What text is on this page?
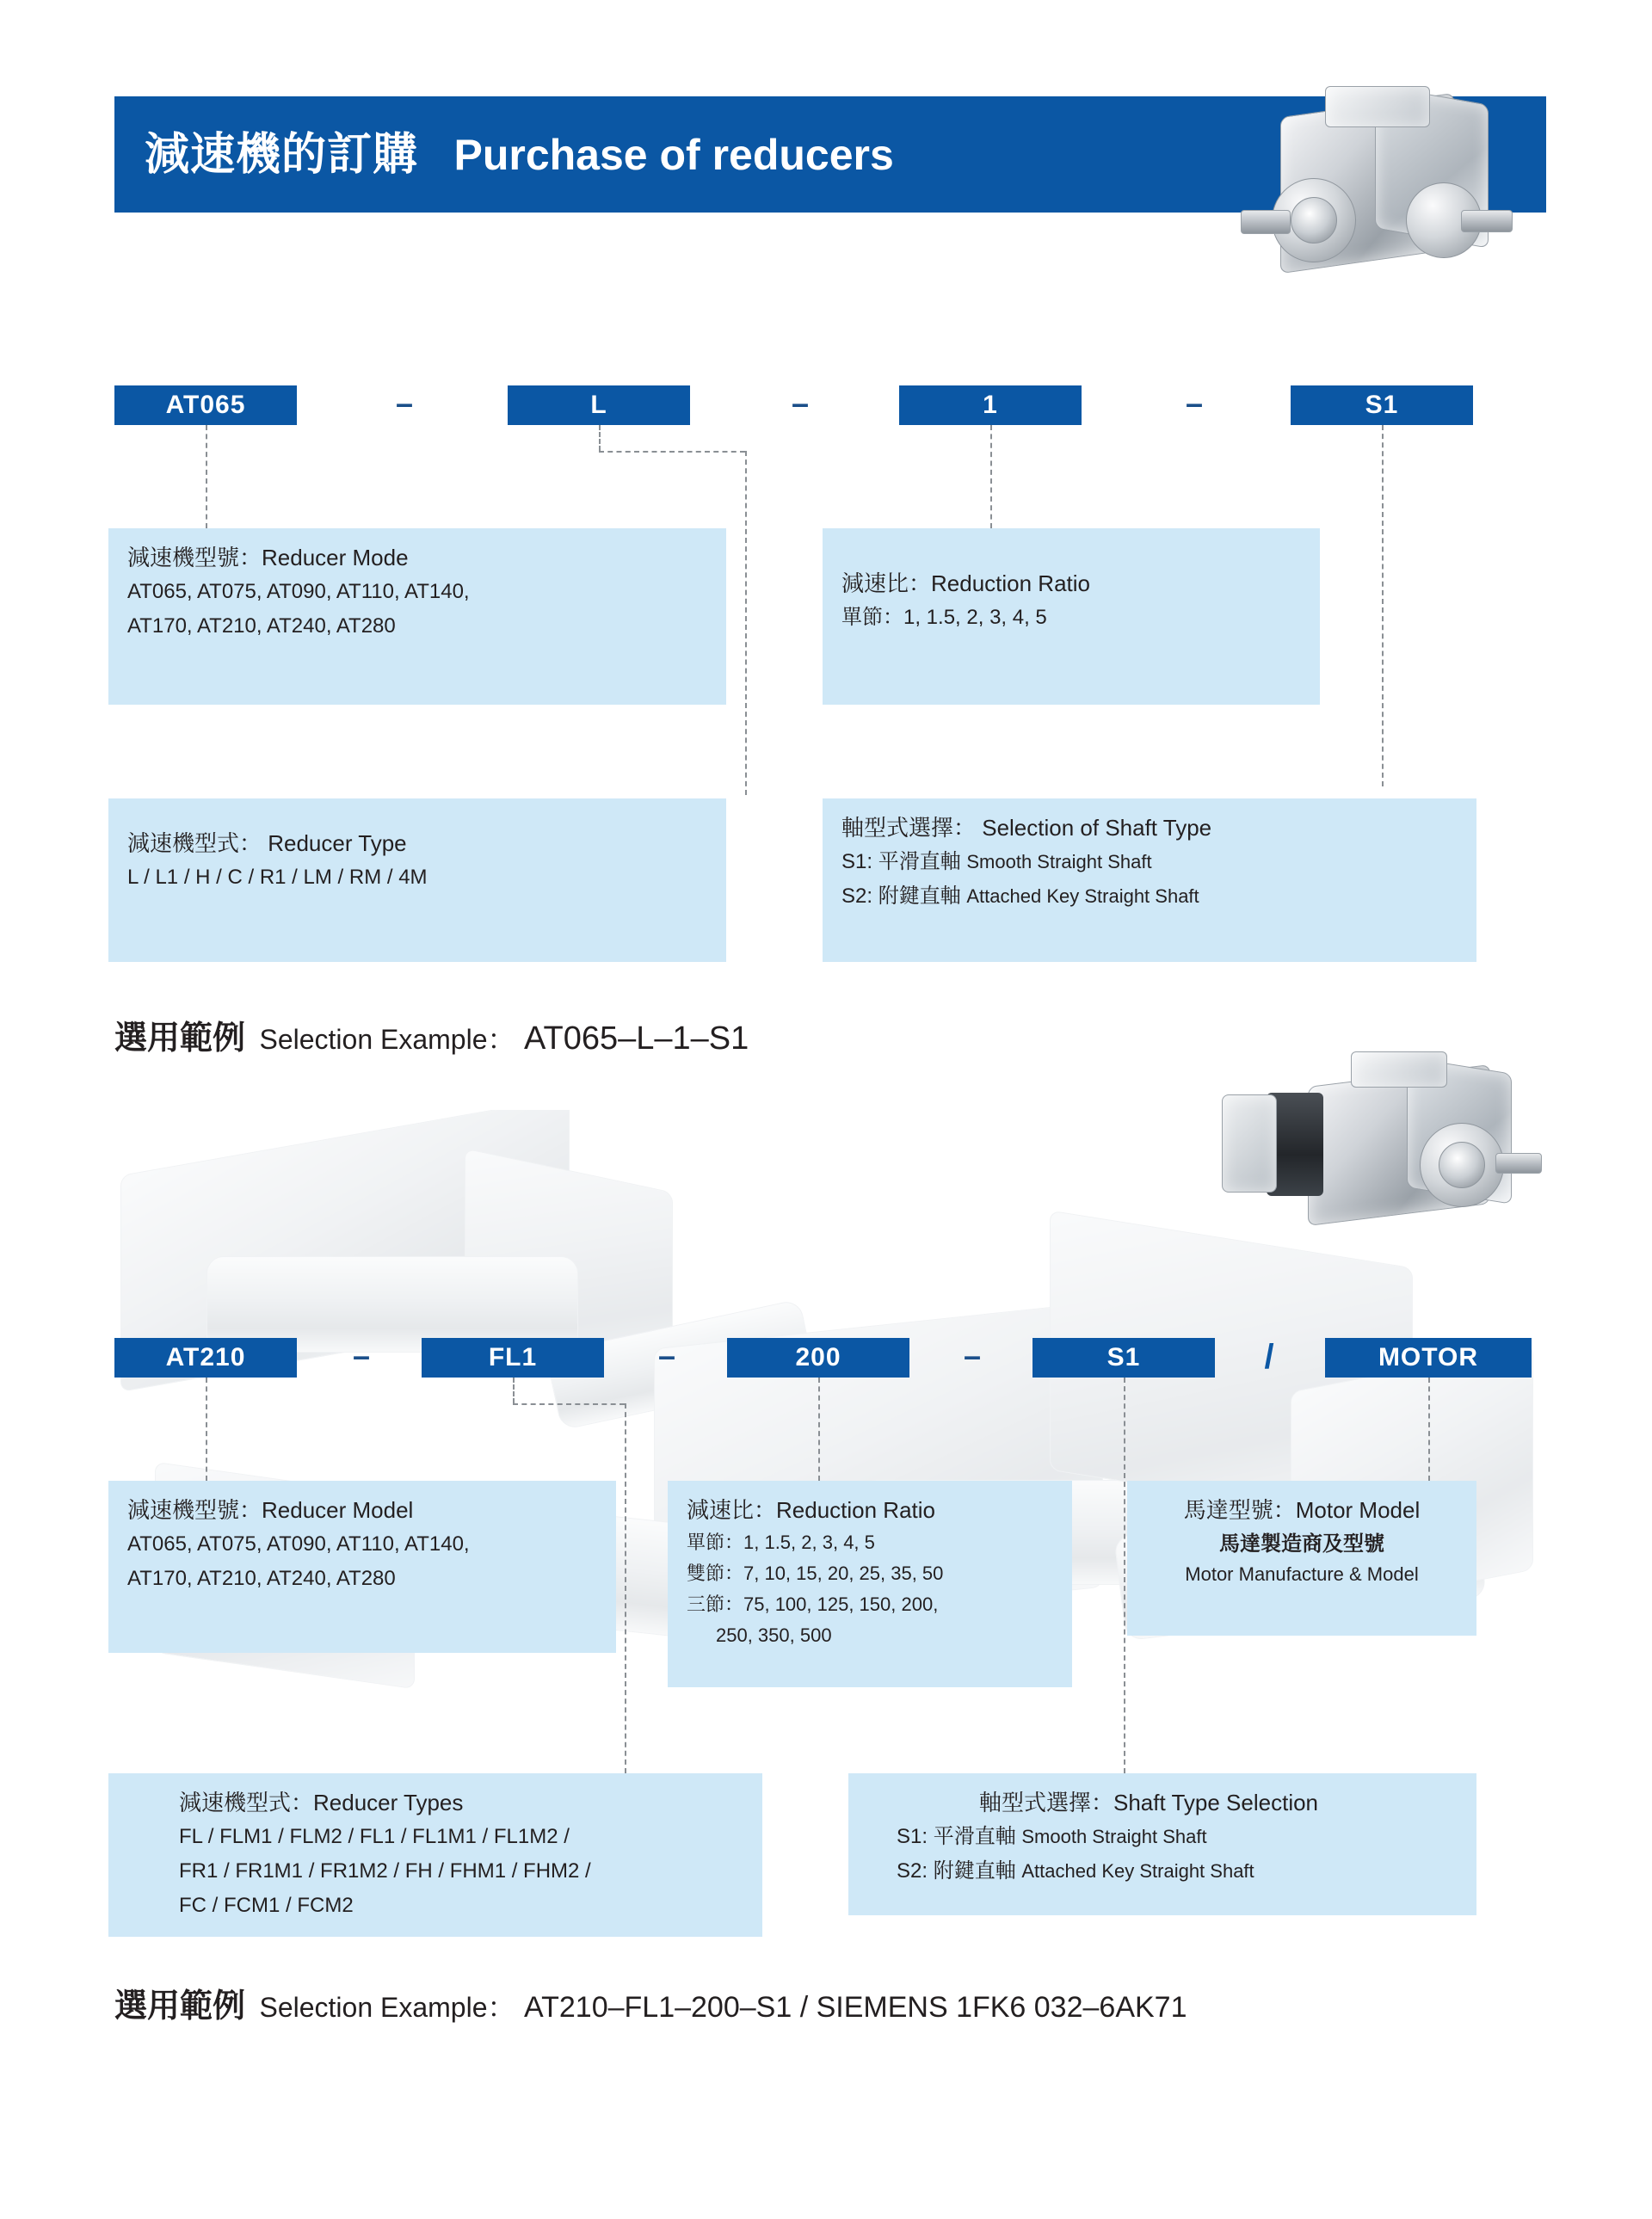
減速機的訂購 Purchase of reducers
AT065	–	L	–	1	–	S1
減速機型號：Reducer Mode
AT065, AT075, AT090, AT110, AT140,
AT170, AT210, AT240, AT280
減速比：Reduction Ratio
單節：1, 1.5, 2, 3, 4, 5
減速機型式： Reducer Type
L / L1 / H / C / R1 / LM / RM / 4M
軸型式選擇： Selection of Shaft Type
S1: 平滑直軸 Smooth Straight Shaft
S2: 附鍵直軸 Attached Key Straight Shaft
選用範例 Selection Example： AT065–L–1–S1
AT210	–	FL1	–	200	–	S1	/	MOTOR
減速機型號：Reducer Model
AT065, AT075, AT090, AT110, AT140,
AT170, AT210, AT240, AT280
減速比：Reduction Ratio
單節：1, 1.5, 2, 3, 4, 5
雙節：7, 10, 15, 20, 25, 35, 50
三節：75, 100, 125, 150, 200,
250, 350, 500
馬達型號：Motor Model
馬達製造商及型號
Motor Manufacture & Model
減速機型式：Reducer Types
FL / FLM1 / FLM2 / FL1 / FL1M1 / FL1M2 /
FR1 / FR1M1 / FR1M2 / FH / FHM1 / FHM2 /
FC / FCM1 / FCM2
軸型式選擇：Shaft Type Selection
S1: 平滑直軸 Smooth Straight Shaft
S2: 附鍵直軸 Attached Key Straight Shaft
選用範例 Selection Example： AT210–FL1–200–S1 / SIEMENS 1FK6 032–6AK71
